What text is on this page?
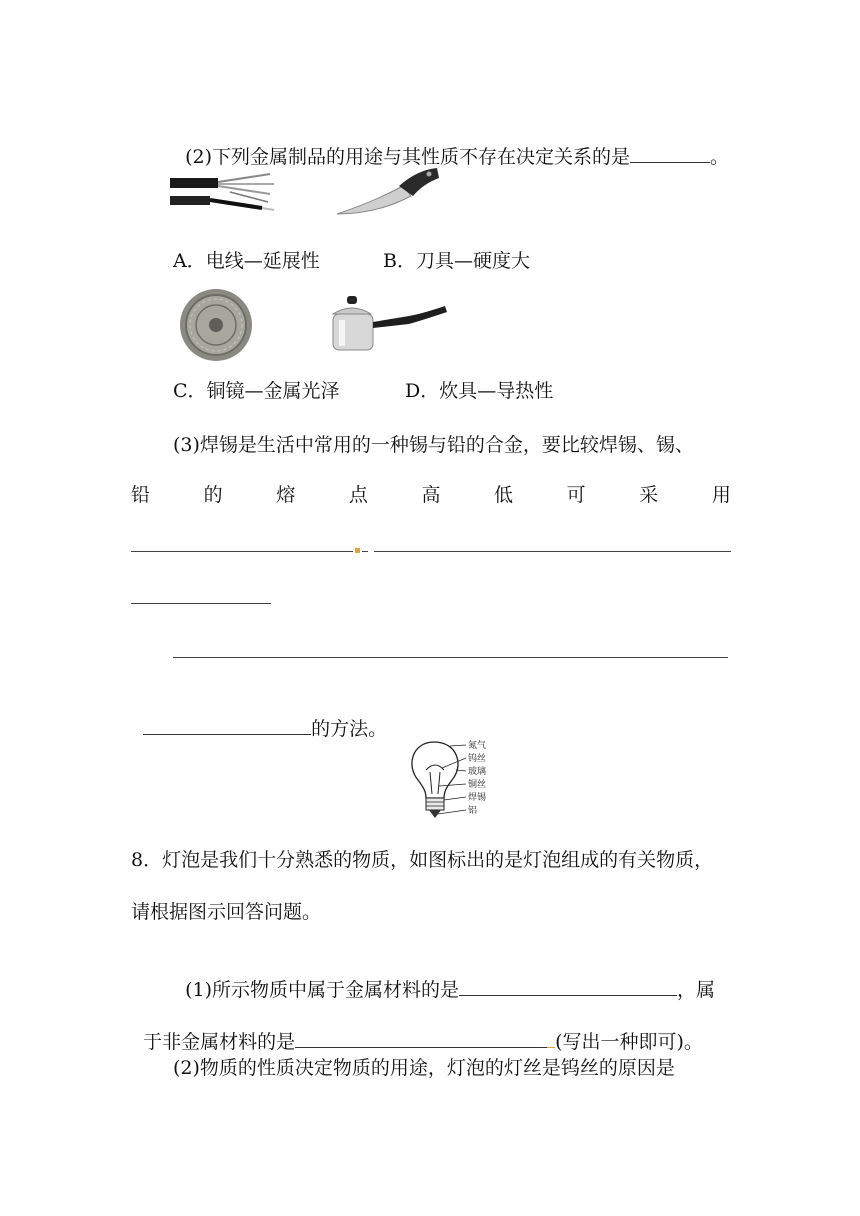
(2)下列金属制品的用途与其性质不存在决定关系的是	。

A．电线—延展性	B．刀具—硬度大
C．铜镜—金属光泽	D．炊具—导热性
(3)焊锡是生活中常用的一种锡与铅的合金，要比较焊锡、锡、
铅	的	熔	点	高	低	可	采	用

的方法。

氮气
钨丝
玻璃
铜丝
焊锡
铝
8．灯泡是我们十分熟悉的物质，如图标出的是灯泡组成的有关物质，
请根据图示回答问题。

(1)所示物质中属于金属材料的是	，属

于非金属材料的是	(写出一种即可)。

(2)物质的性质决定物质的用途，灯泡的灯丝是钨丝的原因是
